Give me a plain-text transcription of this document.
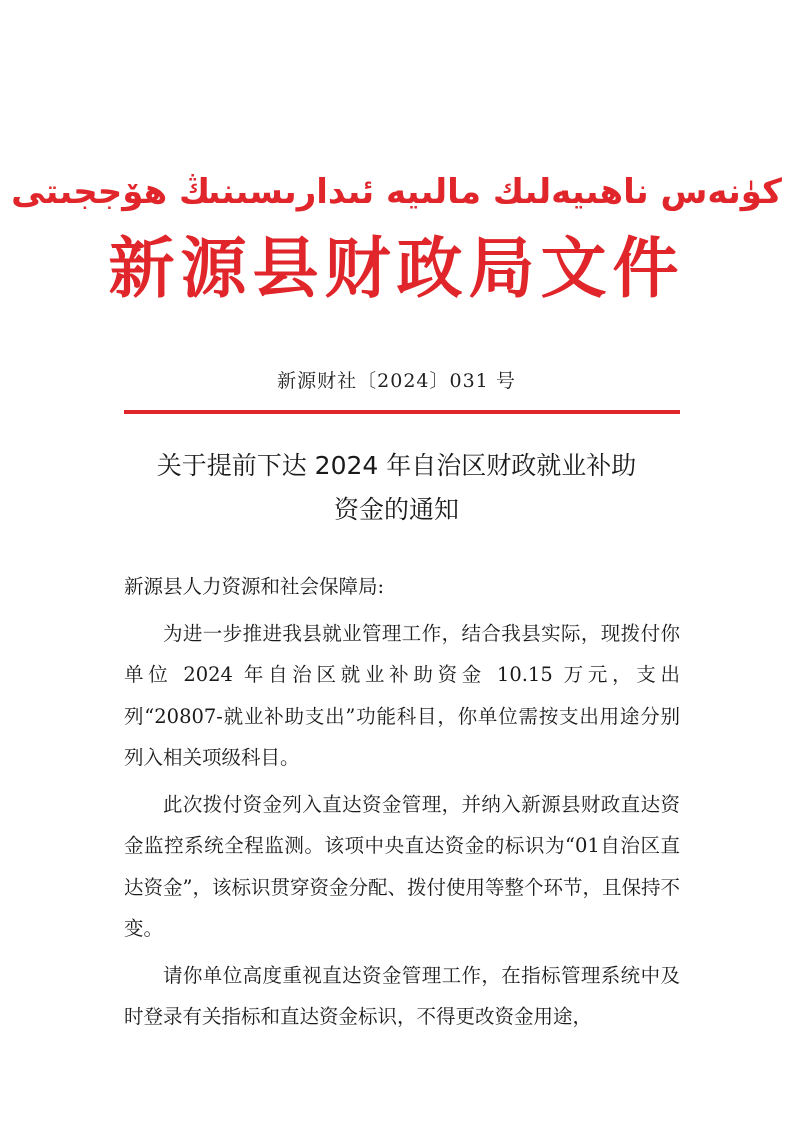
كۈنەس ناھىيەلىك مالىيە ئىدارىسىنىڭ ھۆججىتى
新源县财政局文件
新源财社〔2024〕031 号
关于提前下达 2024 年自治区财政就业补助
资金的通知

新源县人力资源和社会保障局:

为进一步推进我县就业管理工作，结合我县实际，现拨付你单位 2024 年自治区就业补助资金 10.15 万元，支出列“20807-就业补助支出”功能科目，你单位需按支出用途分别列入相关项级科目。

此次拨付资金列入直达资金管理，并纳入新源县财政直达资金监控系统全程监测。该项中央直达资金的标识为“01自治区直达资金”，该标识贯穿资金分配、拨付使用等整个环节，且保持不变。

请你单位高度重视直达资金管理工作，在指标管理系统中及时登录有关指标和直达资金标识，不得更改资金用途，
